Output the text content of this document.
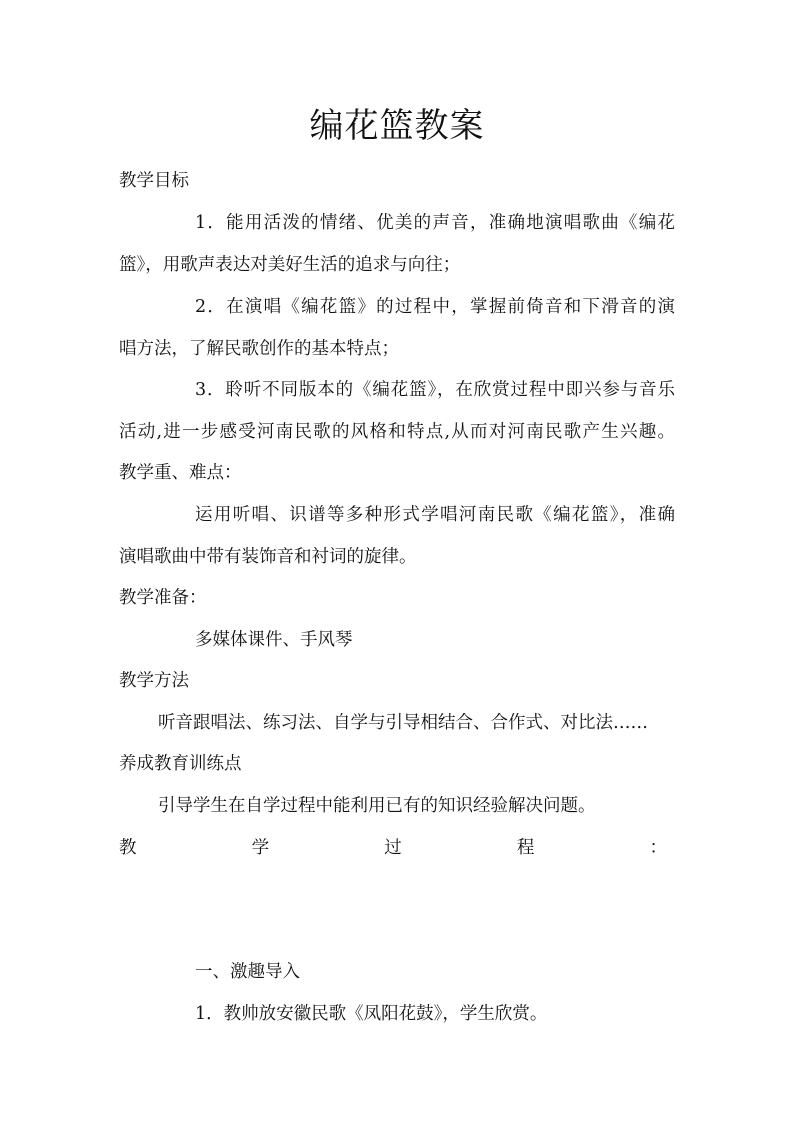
编花篮教案
教学目标
1．能用活泼的情绪、优美的声音，准确地演唱歌曲《编花
篮》，用歌声表达对美好生活的追求与向往；
2．在演唱《编花篮》的过程中，掌握前倚音和下滑音的演
唱方法，了解民歌创作的基本特点；
3．聆听不同版本的《编花篮》，在欣赏过程中即兴参与音乐
活动,进一步感受河南民歌的风格和特点,从而对河南民歌产生兴趣。
教学重、难点：
运用听唱、识谱等多种形式学唱河南民歌《编花篮》，准确
演唱歌曲中带有装饰音和衬词的旋律。
教学准备：
多媒体课件、手风琴
教学方法
听音跟唱法、练习法、自学与引导相结合、合作式、对比法……
养成教育训练点
引导学生在自学过程中能利用已有的知识经验解决问题。
教	学	过	程	：
一、激趣导入
1．教帅放安徽民歌《凤阳花鼓》，学生欣赏。
